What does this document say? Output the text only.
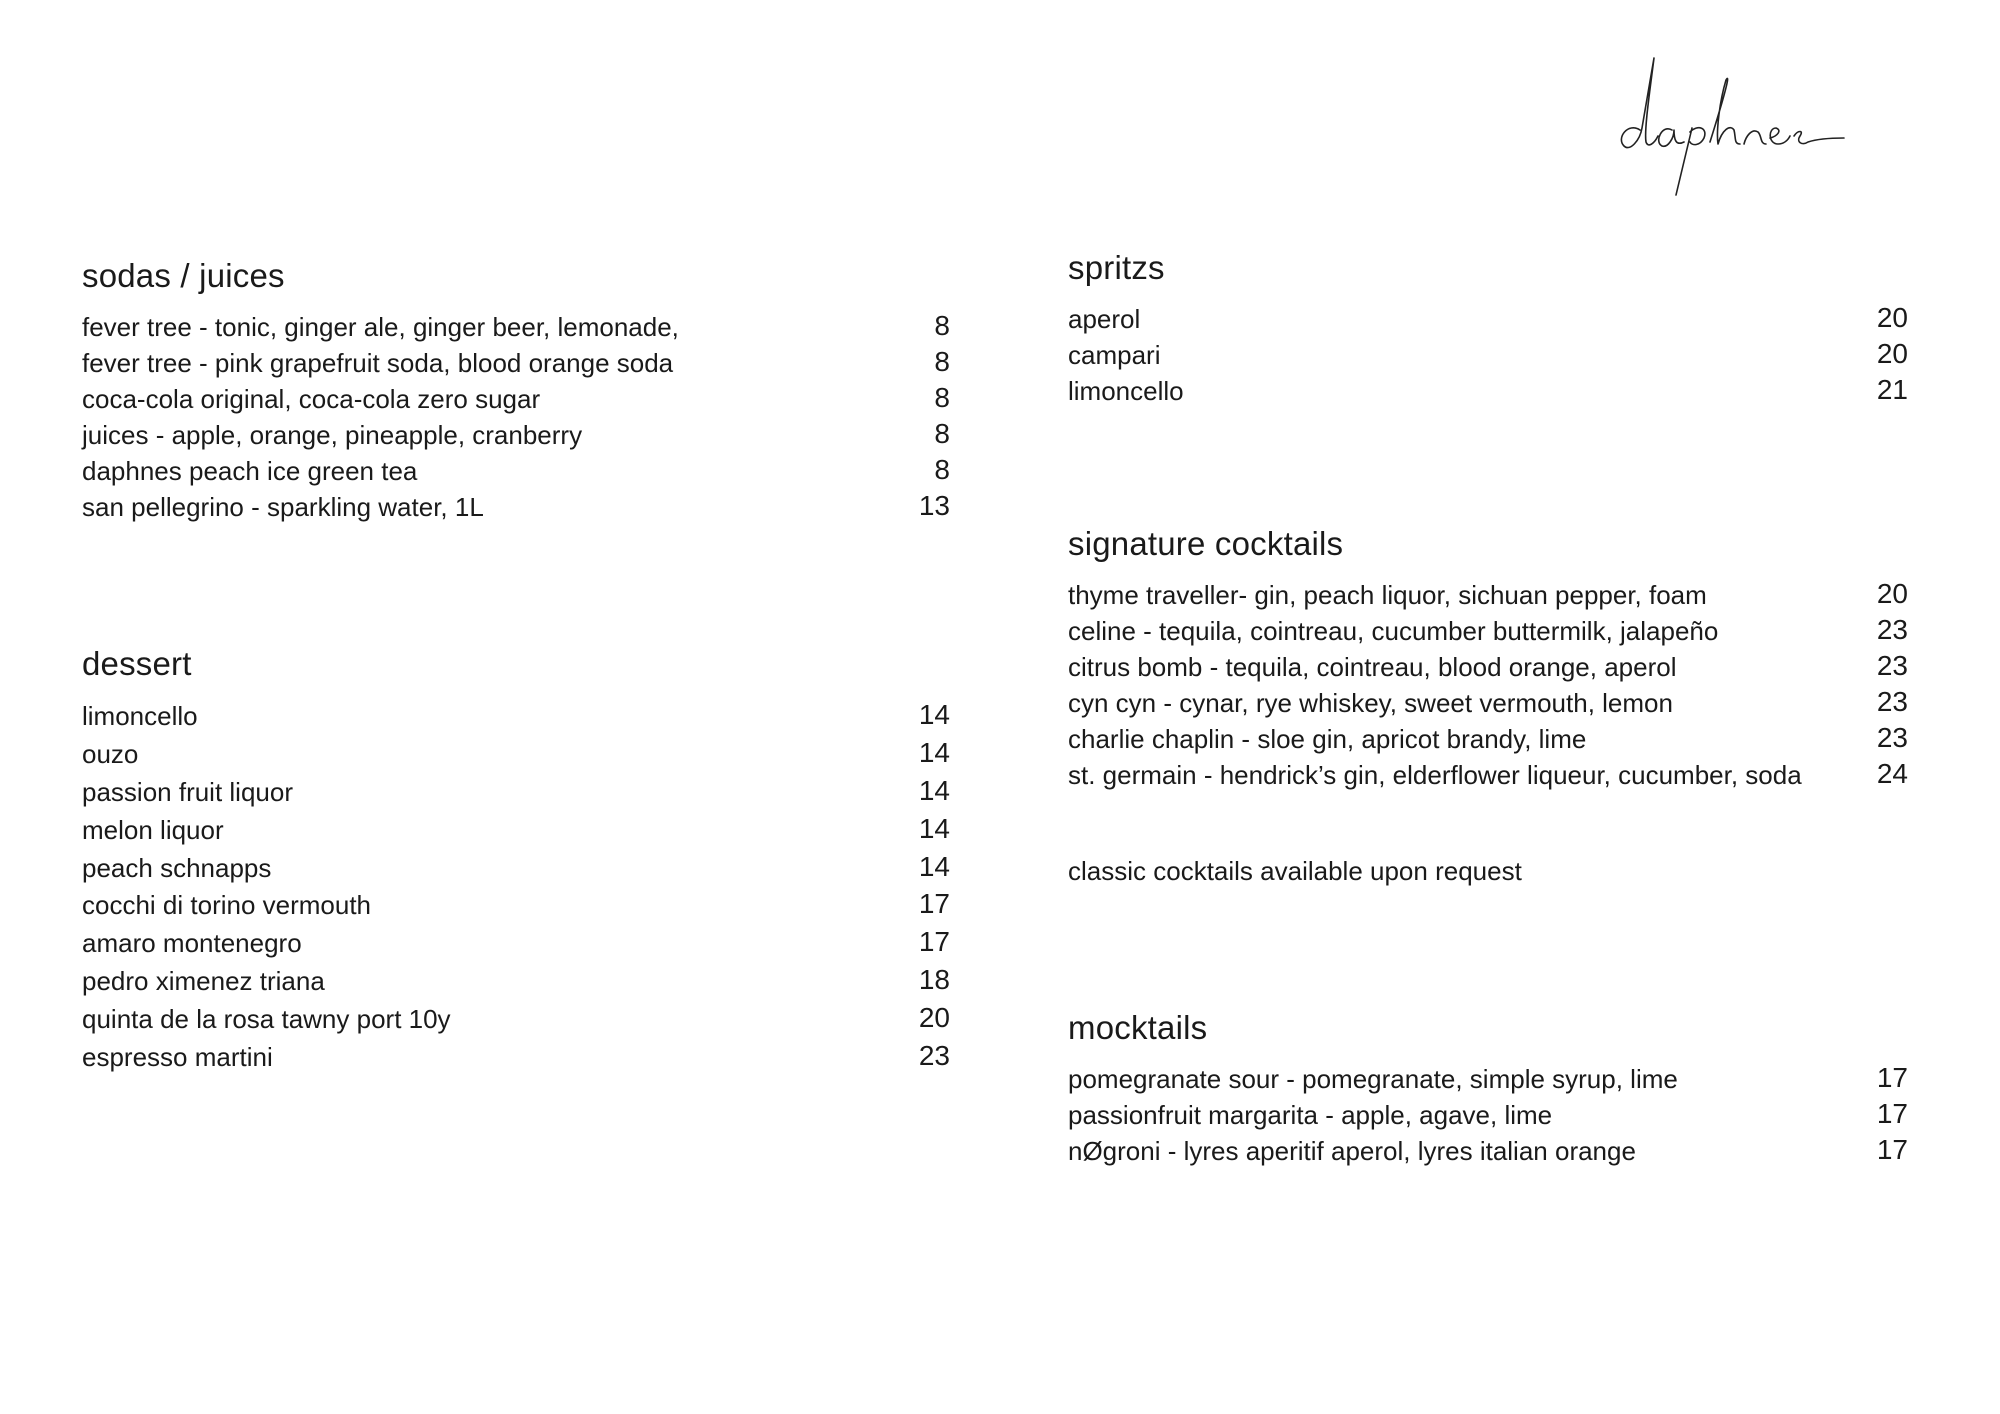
sodas / juices
fever tree - tonic, ginger ale, ginger beer, lemonade,	8
fever tree - pink grapefruit soda, blood orange soda	8
coca-cola original, coca-cola zero sugar	8
juices - apple, orange, pineapple, cranberry	8
daphnes peach ice green tea	8
san pellegrino - sparkling water, 1L	13
dessert
limoncello	14
ouzo	14
passion fruit liquor	14
melon liquor	14
peach schnapps	14
cocchi di torino vermouth	17
amaro montenegro	17
pedro ximenez triana	18
quinta de la rosa tawny port 10y	20
espresso martini	23
spritzs
aperol	20
campari	20
limoncello	21
signature cocktails
thyme traveller- gin, peach liquor, sichuan pepper, foam	20
celine - tequila, cointreau, cucumber buttermilk, jalapeño	23
citrus bomb - tequila, cointreau, blood orange, aperol	23
cyn cyn - cynar, rye whiskey, sweet vermouth, lemon	23
charlie chaplin - sloe gin, apricot brandy, lime	23
st. germain - hendrick’s gin, elderflower liqueur, cucumber, soda	24
classic cocktails available upon request
mocktails
pomegranate sour - pomegranate, simple syrup, lime	17
passionfruit margarita - apple, agave, lime	17
nØgroni - lyres aperitif aperol, lyres italian orange	17
